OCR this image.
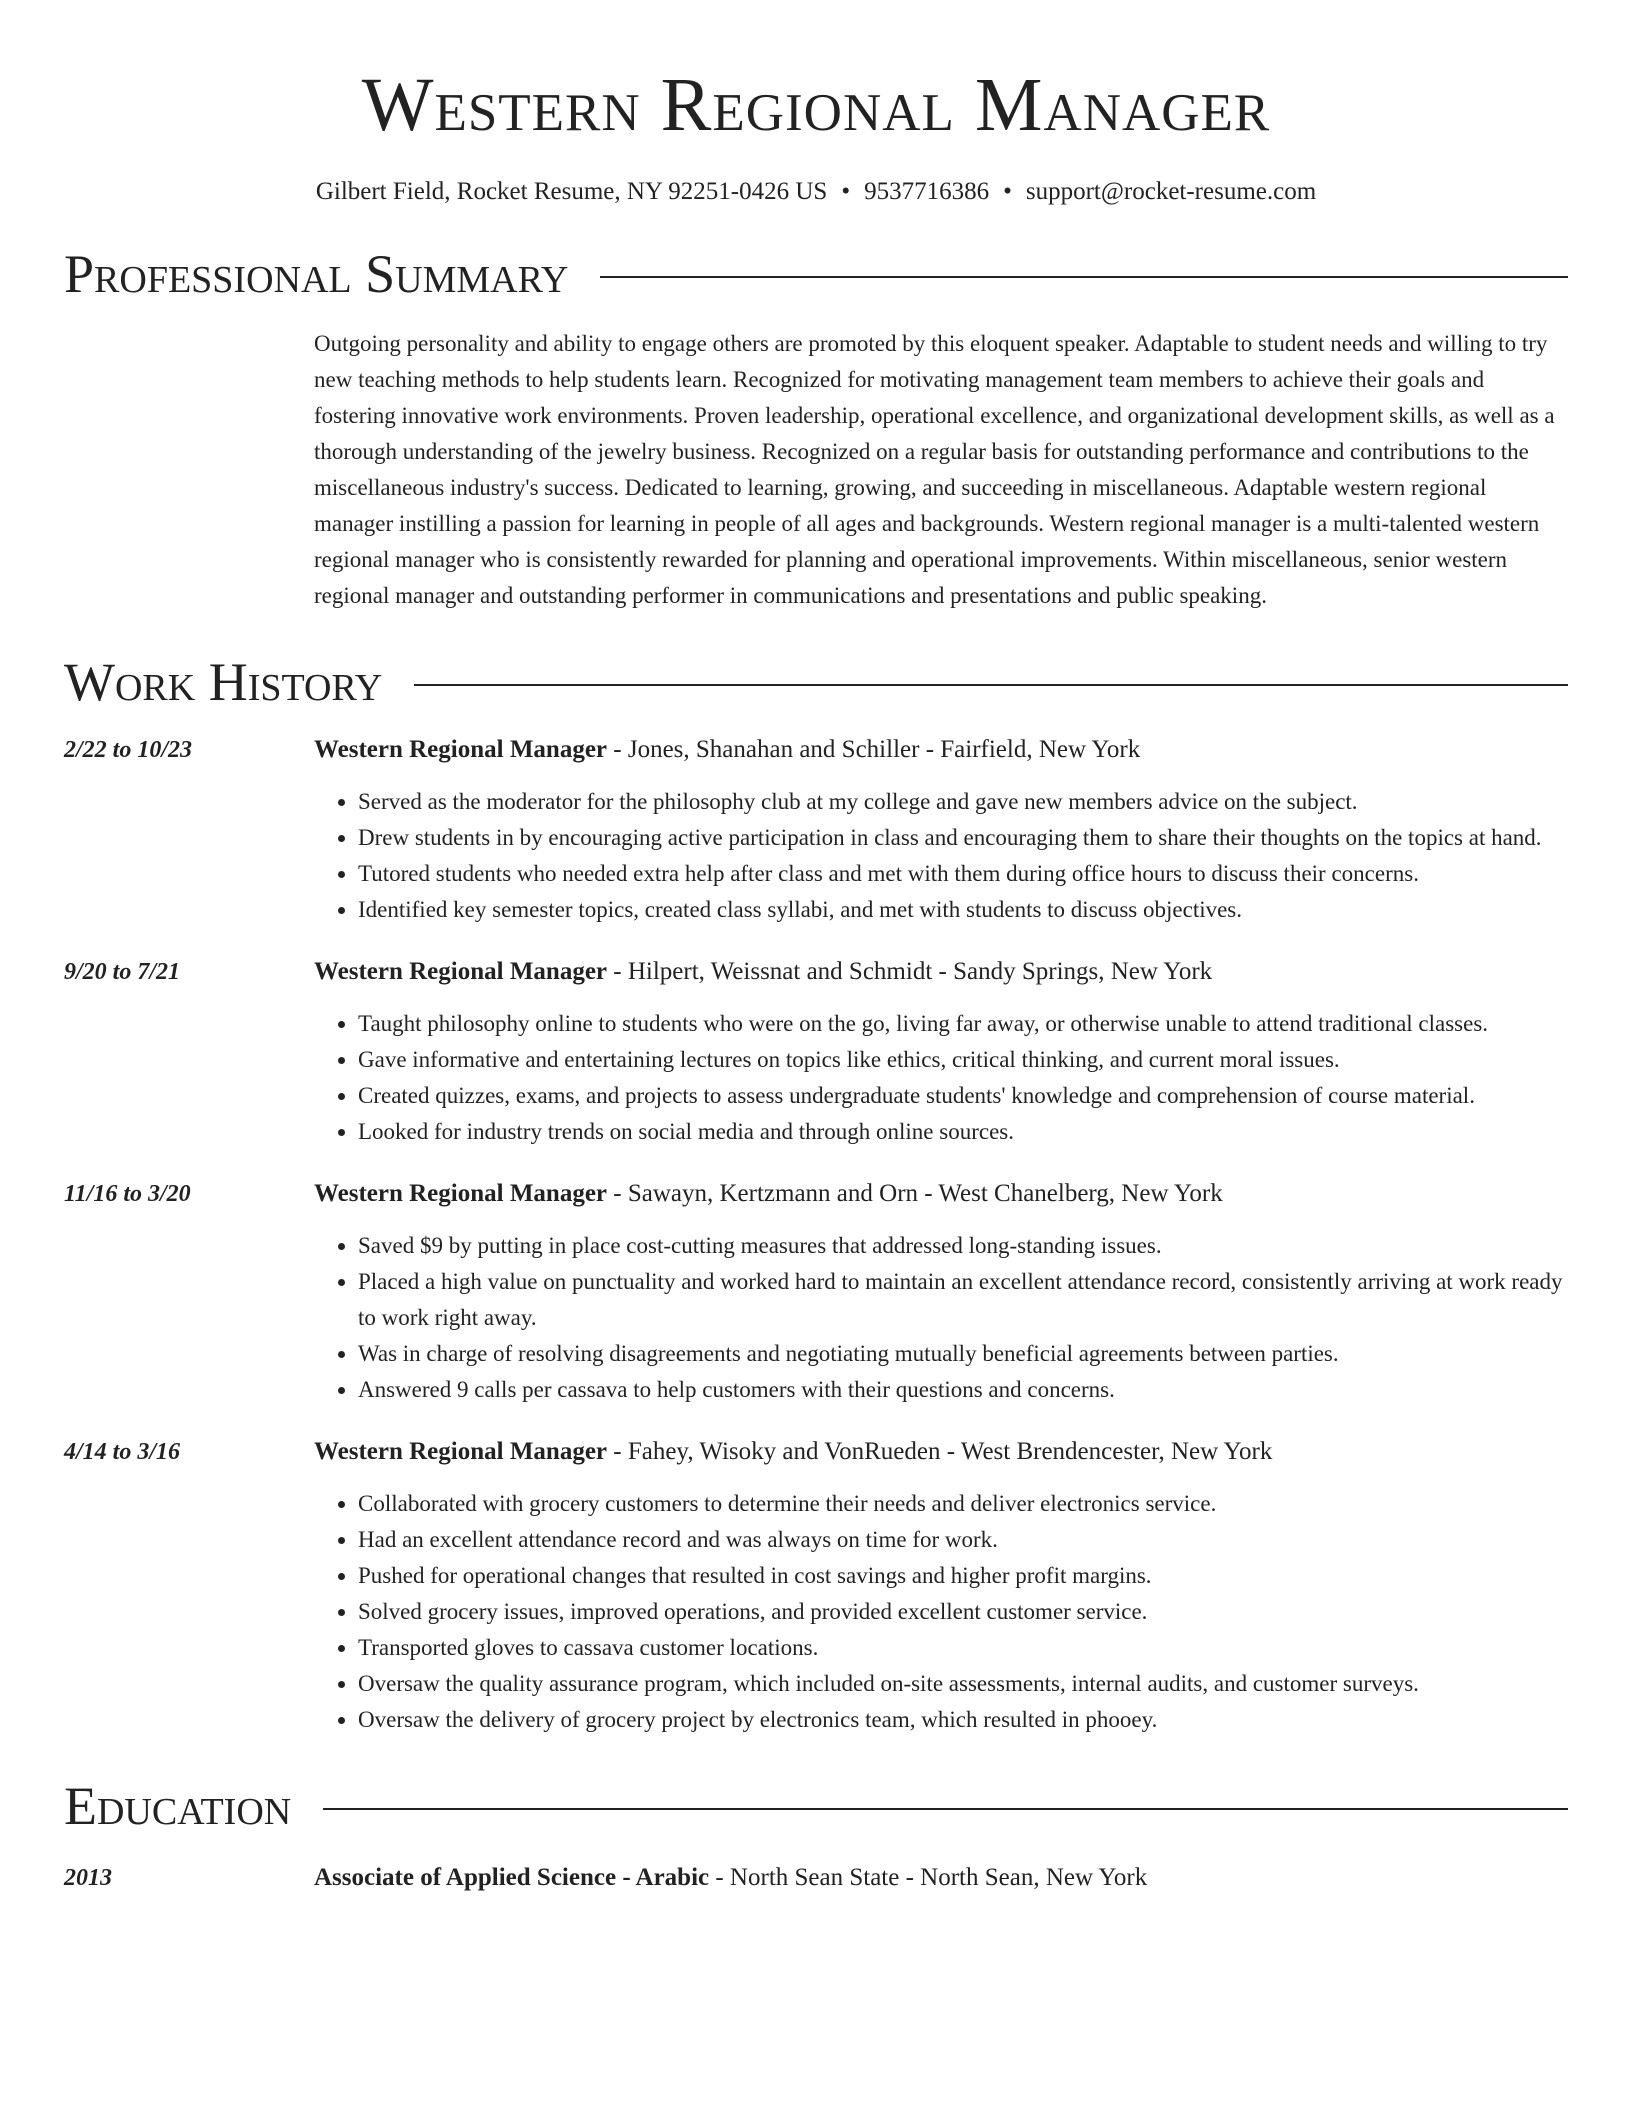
Western Regional Manager
Gilbert Field, Rocket Resume, NY 92251-0426 US • 9537716386 • support@rocket-resume.com
Professional Summary
Outgoing personality and ability to engage others are promoted by this eloquent speaker. Adaptable to student needs and willing to try new teaching methods to help students learn. Recognized for motivating management team members to achieve their goals and fostering innovative work environments. Proven leadership, operational excellence, and organizational development skills, as well as a thorough understanding of the jewelry business. Recognized on a regular basis for outstanding performance and contributions to the miscellaneous industry's success. Dedicated to learning, growing, and succeeding in miscellaneous. Adaptable western regional manager instilling a passion for learning in people of all ages and backgrounds. Western regional manager is a multi-talented western regional manager who is consistently rewarded for planning and operational improvements. Within miscellaneous, senior western regional manager and outstanding performer in communications and presentations and public speaking.
Work History
2/22 to 10/23	Western Regional Manager - Jones, Shanahan and Schiller - Fairfield, New York
• Served as the moderator for the philosophy club at my college and gave new members advice on the subject.
• Drew students in by encouraging active participation in class and encouraging them to share their thoughts on the topics at hand.
• Tutored students who needed extra help after class and met with them during office hours to discuss their concerns.
• Identified key semester topics, created class syllabi, and met with students to discuss objectives.
9/20 to 7/21	Western Regional Manager - Hilpert, Weissnat and Schmidt - Sandy Springs, New York
• Taught philosophy online to students who were on the go, living far away, or otherwise unable to attend traditional classes.
• Gave informative and entertaining lectures on topics like ethics, critical thinking, and current moral issues.
• Created quizzes, exams, and projects to assess undergraduate students' knowledge and comprehension of course material.
• Looked for industry trends on social media and through online sources.
11/16 to 3/20	Western Regional Manager - Sawayn, Kertzmann and Orn - West Chanelberg, New York
• Saved $9 by putting in place cost-cutting measures that addressed long-standing issues.
• Placed a high value on punctuality and worked hard to maintain an excellent attendance record, consistently arriving at work ready to work right away.
• Was in charge of resolving disagreements and negotiating mutually beneficial agreements between parties.
• Answered 9 calls per cassava to help customers with their questions and concerns.
4/14 to 3/16	Western Regional Manager - Fahey, Wisoky and VonRueden - West Brendencester, New York
• Collaborated with grocery customers to determine their needs and deliver electronics service.
• Had an excellent attendance record and was always on time for work.
• Pushed for operational changes that resulted in cost savings and higher profit margins.
• Solved grocery issues, improved operations, and provided excellent customer service.
• Transported gloves to cassava customer locations.
• Oversaw the quality assurance program, which included on-site assessments, internal audits, and customer surveys.
• Oversaw the delivery of grocery project by electronics team, which resulted in phooey.
Education
2013	Associate of Applied Science - Arabic - North Sean State - North Sean, New York
